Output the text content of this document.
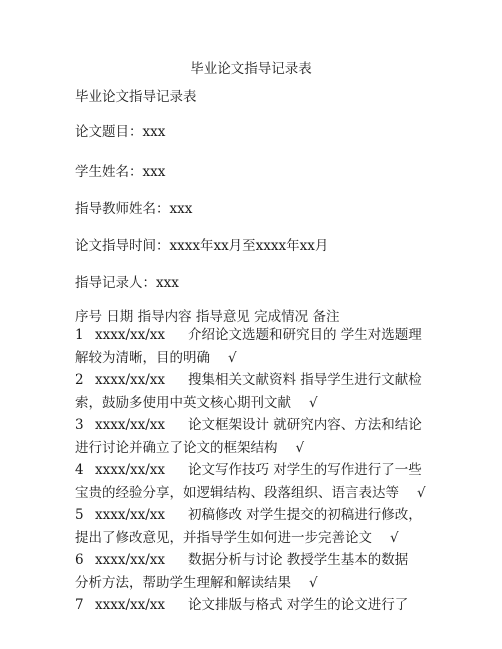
毕业论文指导记录表
毕业论文指导记录表
论文题目：xxx
学生姓名：xxx
指导教师姓名：xxx
论文指导时间：xxxx年xx月至xxxx年xx月
指导记录人：xxx
序号 日期 指导内容 指导意见 完成情况 备注
1 xxxx/xx/xx 介绍论文选题和研究目的 学生对选题理
解较为清晰，目的明确 √
2 xxxx/xx/xx 搜集相关文献资料 指导学生进行文献检
索，鼓励多使用中英文核心期刊文献 √
3 xxxx/xx/xx 论文框架设计 就研究内容、方法和结论
进行讨论并确立了论文的框架结构 √
4 xxxx/xx/xx 论文写作技巧 对学生的写作进行了一些
宝贵的经验分享，如逻辑结构、段落组织、语言表达等 √
5 xxxx/xx/xx 初稿修改 对学生提交的初稿进行修改，
提出了修改意见，并指导学生如何进一步完善论文 √
6 xxxx/xx/xx 数据分析与讨论 教授学生基本的数据
分析方法，帮助学生理解和解读结果 √
7 xxxx/xx/xx 论文排版与格式 对学生的论文进行了
